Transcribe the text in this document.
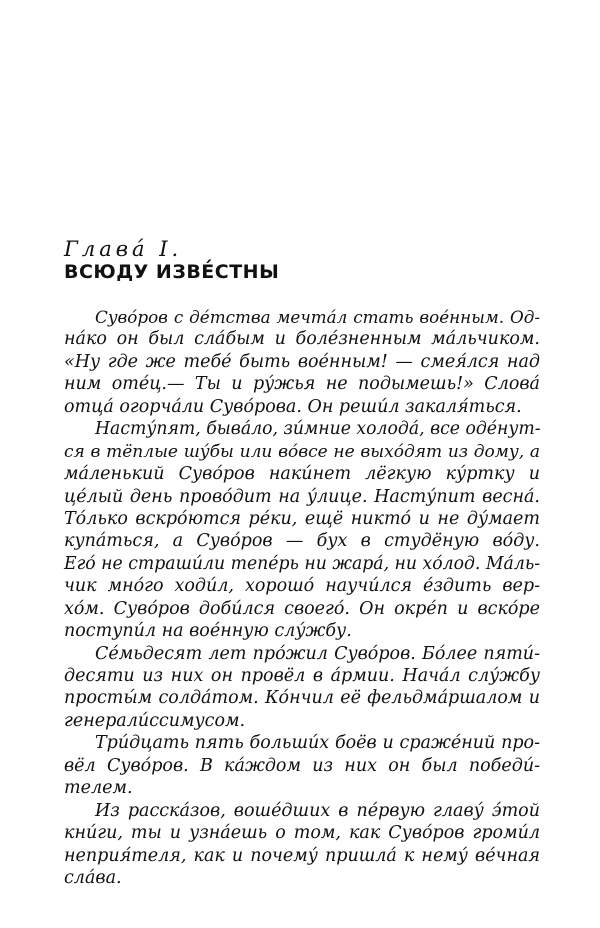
Глава́ I.
ВСЮДУ ИЗВЕ́СТНЫ
Суво́ров с де́тства мечта́л стать вое́нным. Од-
на́ко он был сла́бым и боле́зненным ма́льчиком.
«Ну где же тебе́ быть вое́нным! — смея́лся над
ним оте́ц.— Ты и ру́жья не подымешь!» Слова́
отца́ огорча́ли Суво́рова. Он реши́л закаля́ться.
Насту́пят, быва́ло, зи́мние холода́, все оде́нут-
ся в тёплые шу́бы или во́все не выхо́дят из дому, а
ма́ленький Суво́ров наки́нет лёгкую ку́ртку и
це́лый день прово́дит на у́лице. Насту́пит весна́.
То́лько вскро́ются ре́ки, ещё никто́ и не ду́мает
купа́ться, а Суво́ров — бух в студёную во́ду.
Его́ не страши́ли тепе́рь ни жара́, ни хо́лод. Ма́ль-
чик мно́го ходи́л, хорошо́ научи́лся е́здить вер-
хо́м. Суво́ров доби́лся своего́. Он окре́п и вско́ре
поступи́л на вое́нную слу́жбу.
Се́мьдесят лет про́жил Суво́ров. Бо́лее пяти́-
десяти из них он провёл в а́рмии. Нача́л слу́жбу
просты́м солда́том. Ко́нчил её фельдма́ршалом и
генерали́ссимусом.
Три́дцать пять больши́х боёв и сраже́ний про-
вёл Суво́ров. В ка́ждом из них он был победи́-
телем.
Из расска́зов, воше́дших в пе́рвую главу́ э́той
кни́ги, ты и узна́ешь о том, как Суво́ров громи́л
неприя́теля, как и почему́ пришла́ к нему́ ве́чная
сла́ва.
